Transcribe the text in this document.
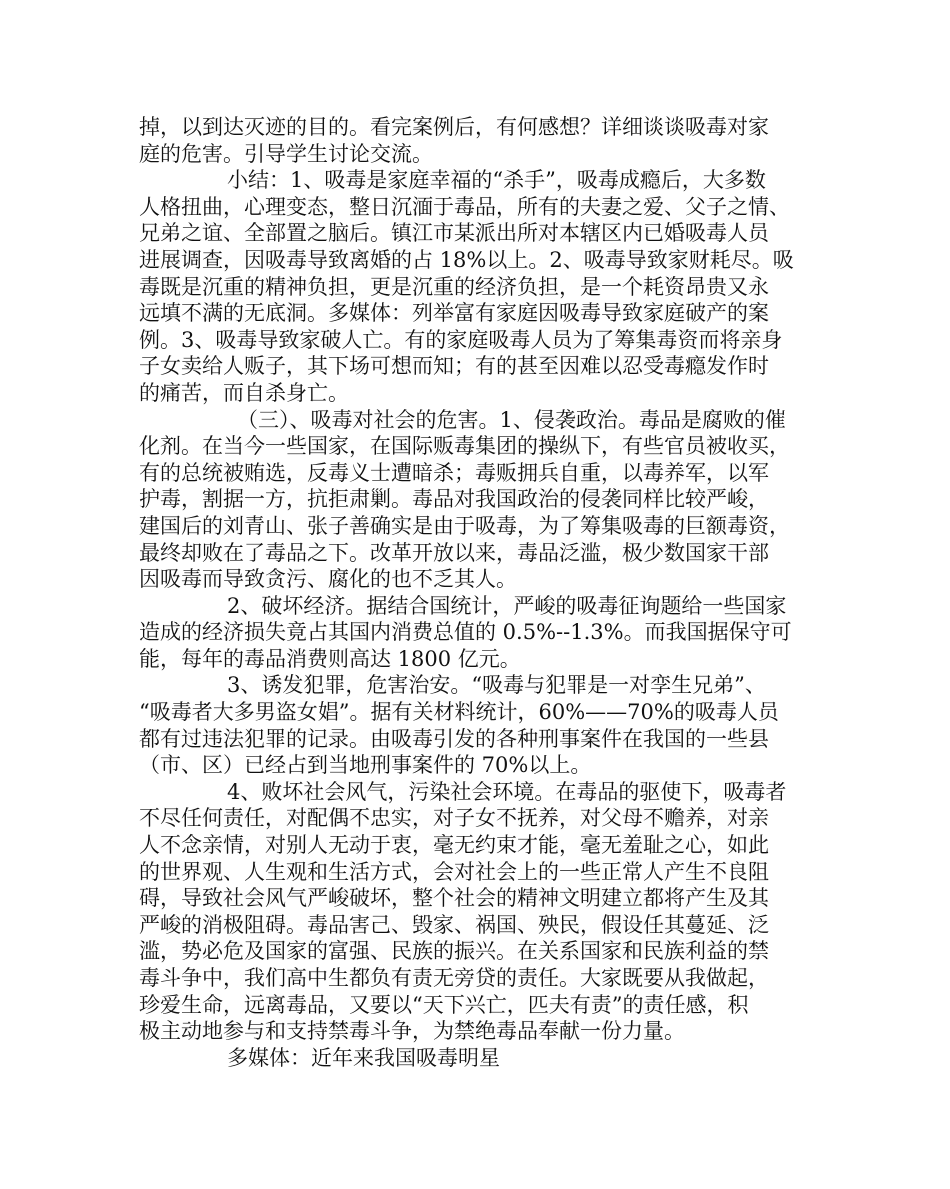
掉，以到达灭迹的目的。看完案例后，有何感想？详细谈谈吸毒对家
庭的危害。引导学生讨论交流。
小结：1、吸毒是家庭幸福的“杀手”，吸毒成瘾后，大多数
人格扭曲，心理变态，整日沉湎于毒品，所有的夫妻之爱、父子之情、
兄弟之谊、全部置之脑后。镇江市某派出所对本辖区内已婚吸毒人员
进展调查，因吸毒导致离婚的占 18%以上。2、吸毒导致家财耗尽。吸
毒既是沉重的精神负担，更是沉重的经济负担，是一个耗资昂贵又永
远填不满的无底洞。多媒体：列举富有家庭因吸毒导致家庭破产的案
例。3、吸毒导致家破人亡。有的家庭吸毒人员为了筹集毒资而将亲身
子女卖给人贩子，其下场可想而知；有的甚至因难以忍受毒瘾发作时
的痛苦，而自杀身亡。
（三）、吸毒对社会的危害。1、侵袭政治。毒品是腐败的催
化剂。在当今一些国家，在国际贩毒集团的操纵下，有些官员被收买，
有的总统被贿选，反毒义士遭暗杀；毒贩拥兵自重，以毒养军，以军
护毒，割据一方，抗拒肃剿。毒品对我国政治的侵袭同样比较严峻，
建国后的刘青山、张子善确实是由于吸毒，为了筹集吸毒的巨额毒资，
最终却败在了毒品之下。改革开放以来，毒品泛滥，极少数国家干部
因吸毒而导致贪污、腐化的也不乏其人。
2、破坏经济。据结合国统计，严峻的吸毒征询题给一些国家
造成的经济损失竟占其国内消费总值的 0.5%--1.3%。而我国据保守可
能，每年的毒品消费则高达 1800 亿元。
3、诱发犯罪，危害治安。“吸毒与犯罪是一对孪生兄弟”、
“吸毒者大多男盗女娼”。据有关材料统计，60%——70%的吸毒人员
都有过违法犯罪的记录。由吸毒引发的各种刑事案件在我国的一些县
（市、区）已经占到当地刑事案件的 70%以上。
4、败坏社会风气，污染社会环境。在毒品的驱使下，吸毒者
不尽任何责任，对配偶不忠实，对子女不抚养，对父母不赡养，对亲
人不念亲情，对别人无动于衷，毫无约束才能，毫无羞耻之心，如此
的世界观、人生观和生活方式，会对社会上的一些正常人产生不良阻
碍，导致社会风气严峻破坏，整个社会的精神文明建立都将产生及其
严峻的消极阻碍。毒品害己、毁家、祸国、殃民，假设任其蔓延、泛
滥，势必危及国家的富强、民族的振兴。在关系国家和民族利益的禁
毒斗争中，我们高中生都负有责无旁贷的责任。大家既要从我做起，
珍爱生命，远离毒品，又要以“天下兴亡，匹夫有责”的责任感，积
极主动地参与和支持禁毒斗争，为禁绝毒品奉献一份力量。
多媒体：近年来我国吸毒明星
